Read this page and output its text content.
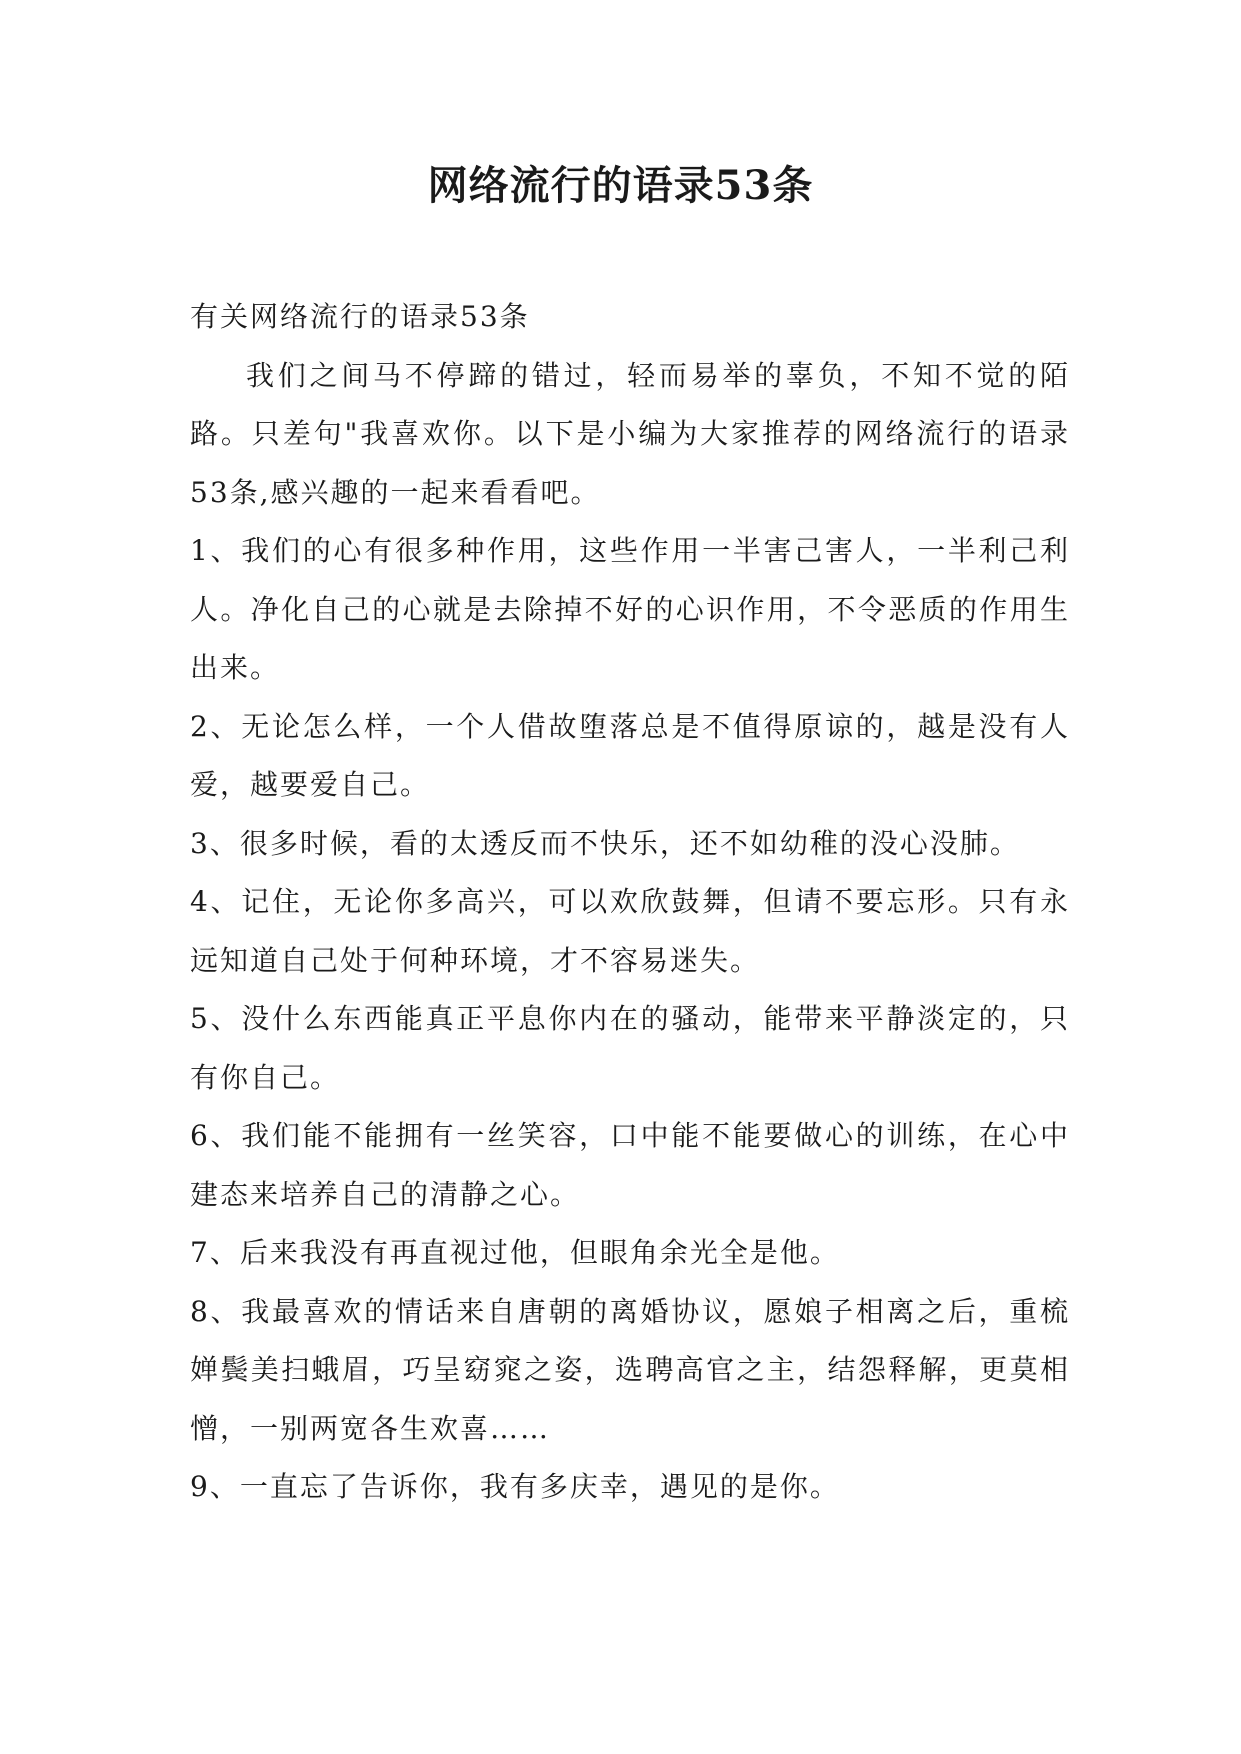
网络流行的语录53条

有关网络流行的语录53条

我们之间马不停蹄的错过，轻而易举的辜负，不知不觉的陌路。只差句"我喜欢你。以下是小编为大家推荐的网络流行的语录53条,感兴趣的一起来看看吧。

1、我们的心有很多种作用，这些作用一半害己害人，一半利己利人。净化自己的心就是去除掉不好的心识作用，不令恶质的作用生出来。

2、无论怎么样，一个人借故堕落总是不值得原谅的，越是没有人爱，越要爱自己。

3、很多时候，看的太透反而不快乐，还不如幼稚的没心没肺。

4、记住，无论你多高兴，可以欢欣鼓舞，但请不要忘形。只有永远知道自己处于何种环境，才不容易迷失。

5、没什么东西能真正平息你内在的骚动，能带来平静淡定的，只有你自己。

6、我们能不能拥有一丝笑容，口中能不能要做心的训练，在心中建态来培养自己的清静之心。

7、后来我没有再直视过他，但眼角余光全是他。

8、我最喜欢的情话来自唐朝的离婚协议，愿娘子相离之后，重梳婵鬓美扫蛾眉，巧呈窈窕之姿，选聘高官之主，结怨释解，更莫相憎，一别两宽各生欢喜……

9、一直忘了告诉你，我有多庆幸，遇见的是你。
